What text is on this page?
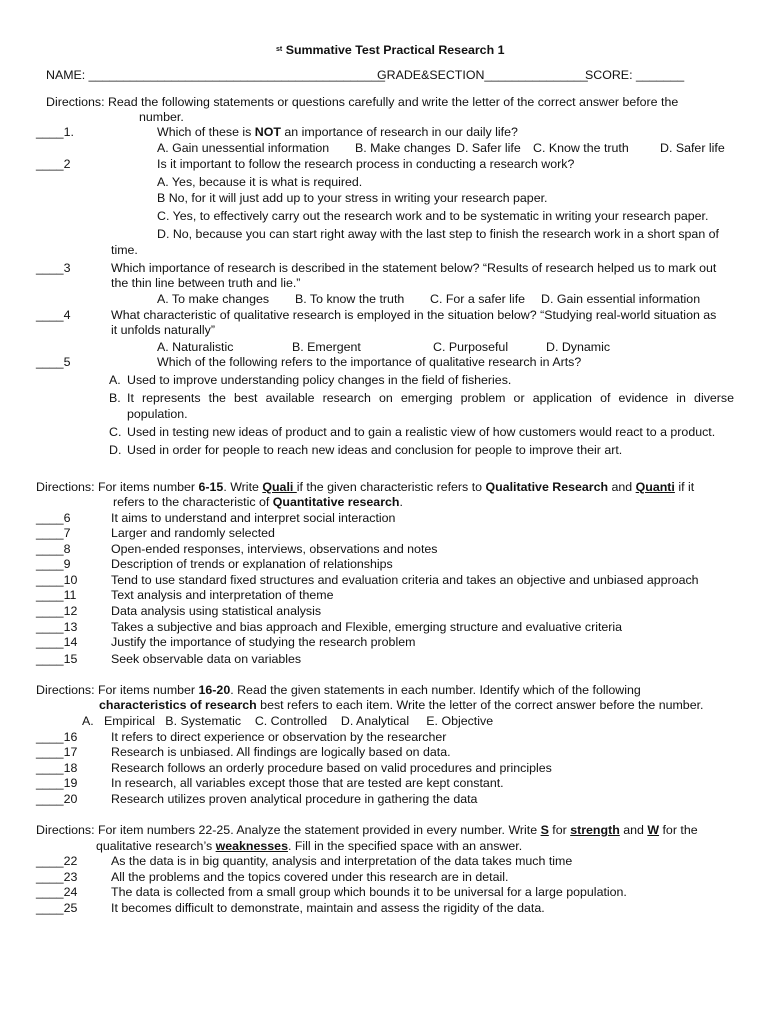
$^{st}$ Summative Test Practical Research 1
NAME: ___________________________________________
GRADE&SECTION_______________
SCORE: _______
Directions: Read the following statements or questions carefully and write the letter of the correct answer before the
number.
____1.	Which of these is NOT an importance of research in our daily life?
A. Gain unessential information B. Make changes D. Safer life C. Know the truth	D. Safer life
____2	Is it important to follow the research process in conducting a research work?
A. Yes, because it is what is required.
B No, for it will just add up to your stress in writing your research paper.
C. Yes, to effectively carry out the research work and to be systematic in writing your research paper.
D. No, because you can start right away with the last step to finish the research work in a short span of
time.
____3	Which importance of research is described in the statement below? “Results of research helped us to mark out
the thin line between truth and lie.”
A. To make changes B. To know the truth C. For a safer life D. Gain essential information
____4	What characteristic of qualitative research is employed in the situation below? “Studying real-world situation as
it unfolds naturally”
A. Naturalistic	B. Emergent	C. Purposeful	D. Dynamic
____5	Which of the following refers to the importance of qualitative research in Arts?
A. Used to improve understanding policy changes in the field of fisheries.
B. It represents the best available research on emerging problem or application of evidence in diverse
population.
C. Used in testing new ideas of product and to gain a realistic view of how customers would react to a product.
D. Used in order for people to reach new ideas and conclusion for people to improve their art.
Directions: For items number 6-15. Write Quali if the given characteristic refers to Qualitative Research and Quanti if it
refers to the characteristic of Quantitative research.
____6	It aims to understand and interpret social interaction
____7	Larger and randomly selected
____8	Open-ended responses, interviews, observations and notes
____9	Description of trends or explanation of relationships
____10	Tend to use standard fixed structures and evaluation criteria and takes an objective and unbiased approach
____11	Text analysis and interpretation of theme
____12	Data analysis using statistical analysis
____13	Takes a subjective and bias approach and Flexible, emerging structure and evaluative criteria
____14	Justify the importance of studying the research problem
____15	Seek observable data on variables
Directions: For items number 16-20. Read the given statements in each number. Identify which of the following
characteristics of research best refers to each item. Write the letter of the correct answer before the number.
A.   Empirical   B. Systematic    C. Controlled    D. Analytical     E. Objective
____16	It refers to direct experience or observation by the researcher
____17	Research is unbiased. All findings are logically based on data.
____18	Research follows an orderly procedure based on valid procedures and principles
____19	In research, all variables except those that are tested are kept constant.
____20	Research utilizes proven analytical procedure in gathering the data
Directions: For item numbers 22-25. Analyze the statement provided in every number. Write S for strength and W for the
qualitative research’s weaknesses. Fill in the specified space with an answer.
____22	As the data is in big quantity, analysis and interpretation of the data takes much time
____23	All the problems and the topics covered under this research are in detail.
____24	The data is collected from a small group which bounds it to be universal for a large population.
____25	It becomes difficult to demonstrate, maintain and assess the rigidity of the data.
